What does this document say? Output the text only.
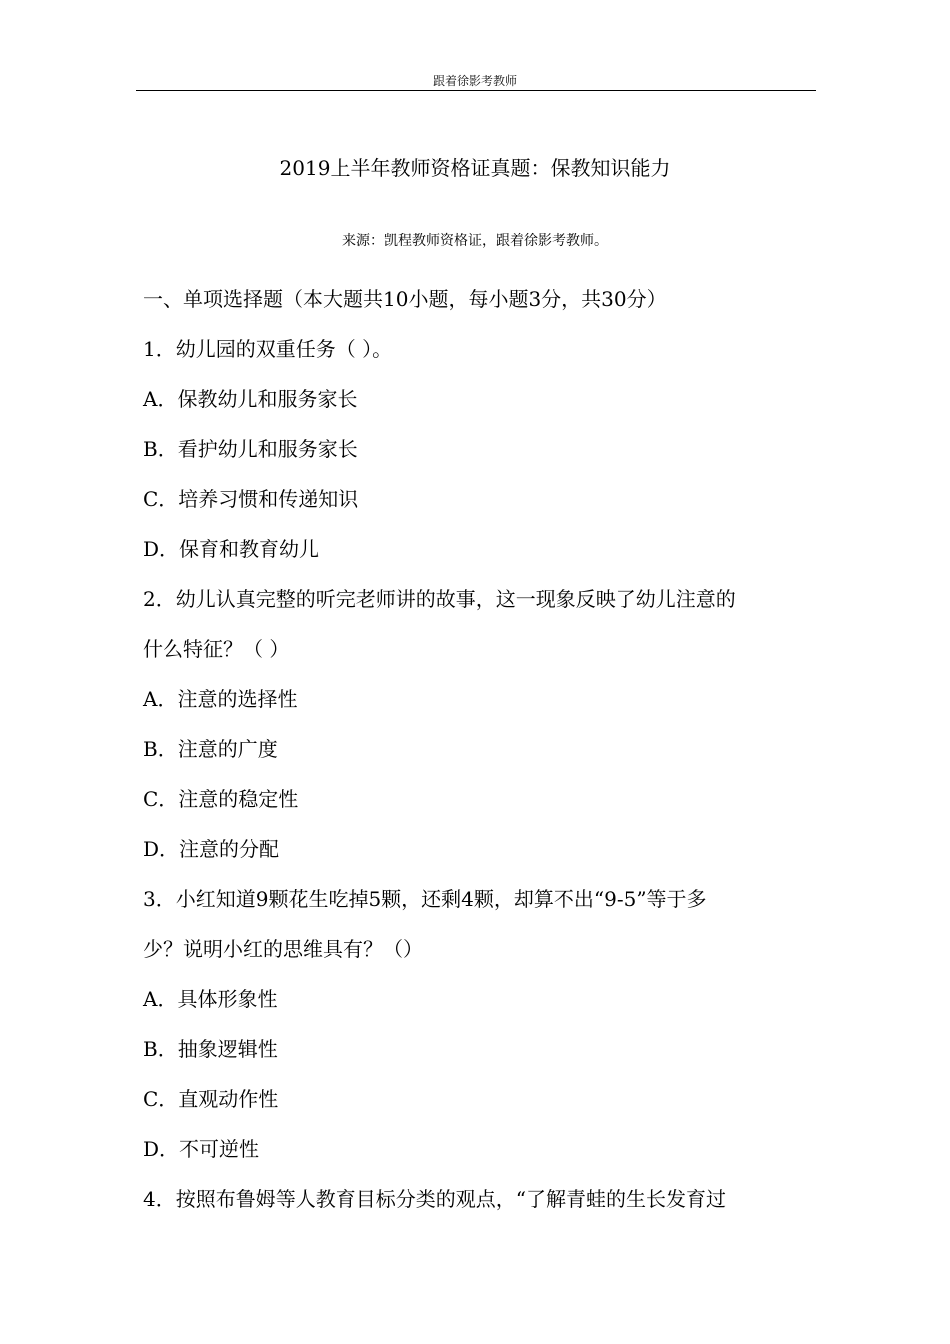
跟着徐影考教师
2019上半年教师资格证真题：保教知识能力
来源：凯程教师资格证，跟着徐影考教师。
一、单项选择题（本大题共10小题，每小题3分，共30分）
1．幼儿园的双重任务（ ）。
A．保教幼儿和服务家长
B．看护幼儿和服务家长
C．培养习惯和传递知识
D．保育和教育幼儿
2．幼儿认真完整的听完老师讲的故事，这一现象反映了幼儿注意的
什么特征？（ ）
A．注意的选择性
B．注意的广度
C．注意的稳定性
D．注意的分配
3．小红知道9颗花生吃掉5颗，还剩4颗，却算不出“9-5”等于多
少？说明小红的思维具有？（）
A．具体形象性
B．抽象逻辑性
C．直观动作性
D．不可逆性
4．按照布鲁姆等人教育目标分类的观点，“了解青蛙的生长发育过
